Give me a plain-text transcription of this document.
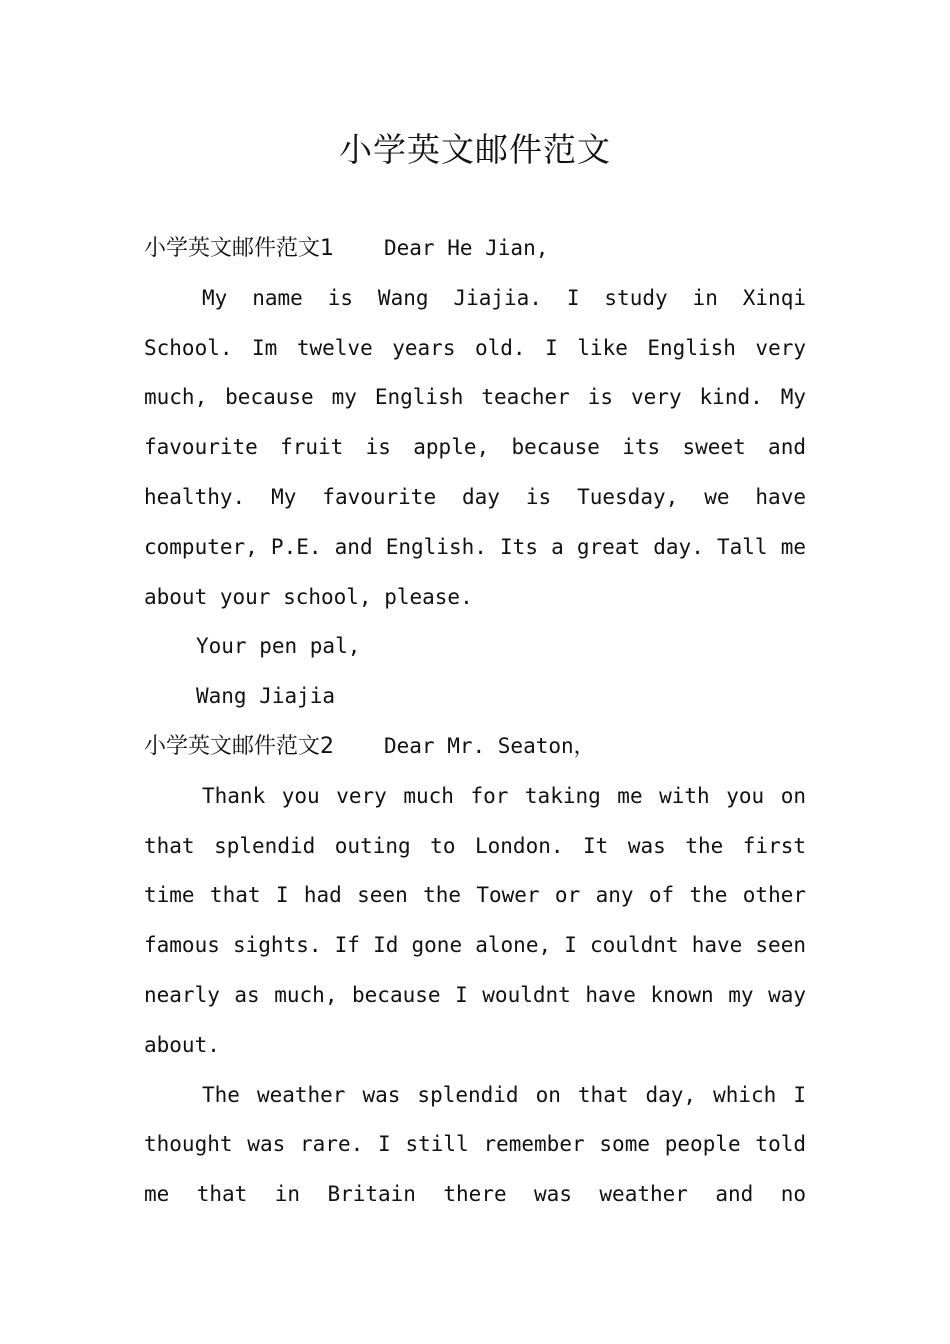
小学英文邮件范文

小学英文邮件范文1 Dear He Jian,

My name is Wang Jiajia. I study in Xinqi School. Im twelve years old. I like English very much, because my English teacher is very kind. My favourite fruit is apple, because its sweet and healthy. My favourite day is Tuesday, we have computer, P.E. and English. Its a great day. Tall me about your school, please.

Your pen pal,

Wang Jiajia

小学英文邮件范文2 Dear Mr. Seaton，

Thank you very much for taking me with you on that splendid outing to London. It was the first time that I had seen the Tower or any of the other famous sights. If Id gone alone, I couldnt have seen nearly as much, because I wouldnt have known my way about.

The weather was splendid on that day, which I thought was rare. I still remember some people told me that in Britain there was weather and no
